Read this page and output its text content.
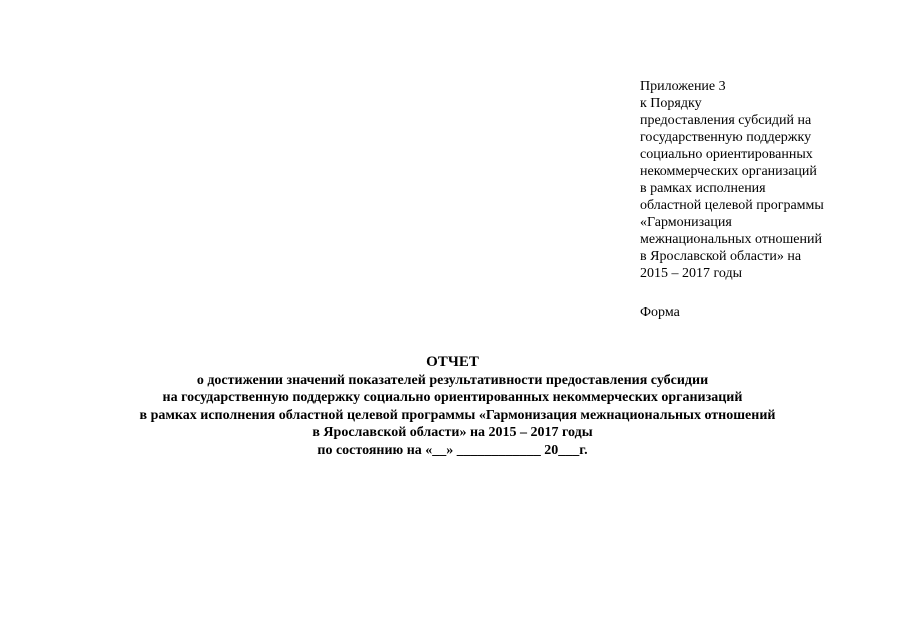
Приложение 3
к Порядку
предоставления субсидий на
государственную поддержку
социально ориентированных
некоммерческих организаций
в рамках исполнения
областной целевой программы
«Гармонизация
межнациональных отношений
в Ярославской области» на
2015 – 2017 годы
Форма
ОТЧЕТ
о достижении значений показателей результативности предоставления субсидии
на государственную поддержку социально ориентированных некоммерческих организаций
в рамках исполнения областной целевой программы «Гармонизация межнациональных отношений
в Ярославской области» на 2015 – 2017 годы
по состоянию на «__» ____________ 20___г.
